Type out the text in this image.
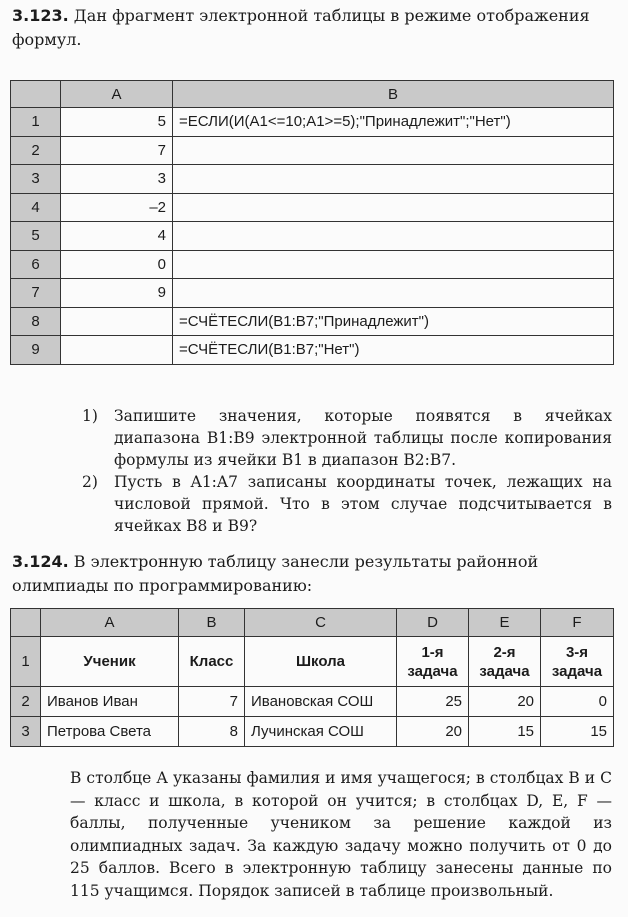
3.123. Дан фрагмент электронной таблицы в режиме отображения формул.
	A	B
1	5	=ЕСЛИ(И(A1<=10;A1>=5);"Принадлежит";"Нет")
2	7	
3	3	
4	–2	
5	4	
6	0	
7	9	
8		=СЧЁТЕСЛИ(B1:B7;"Принадлежит")
9		=СЧЁТЕСЛИ(B1:B7;"Нет")
1) Запишите значения, которые появятся в ячейках диапазона B1:B9 электронной таблицы после копирования формулы из ячейки B1 в диапазон B2:B7.
2) Пусть в A1:A7 записаны координаты точек, лежащих на числовой прямой. Что в этом случае подсчитывается в ячейках B8 и B9?
3.124. В электронную таблицу занесли результаты районной олимпиады по программированию:
	A	B	C	D	E	F
1	Ученик	Класс	Школа	1-я задача	2-я задача	3-я задача
2	Иванов Иван	7	Ивановская СОШ	25	20	0
3	Петрова Света	8	Лучинская СОШ	20	15	15

В столбце А указаны фамилия и имя учащегося; в столбцах В и С — класс и школа, в которой он учится; в столбцах D, E, F — баллы, полученные учеником за решение каждой из олимпиадных задач. За каждую задачу можно получить от 0 до 25 баллов. Всего в электронную таблицу занесены данные по 115 учащимся. Порядок записей в таблице произвольный.
